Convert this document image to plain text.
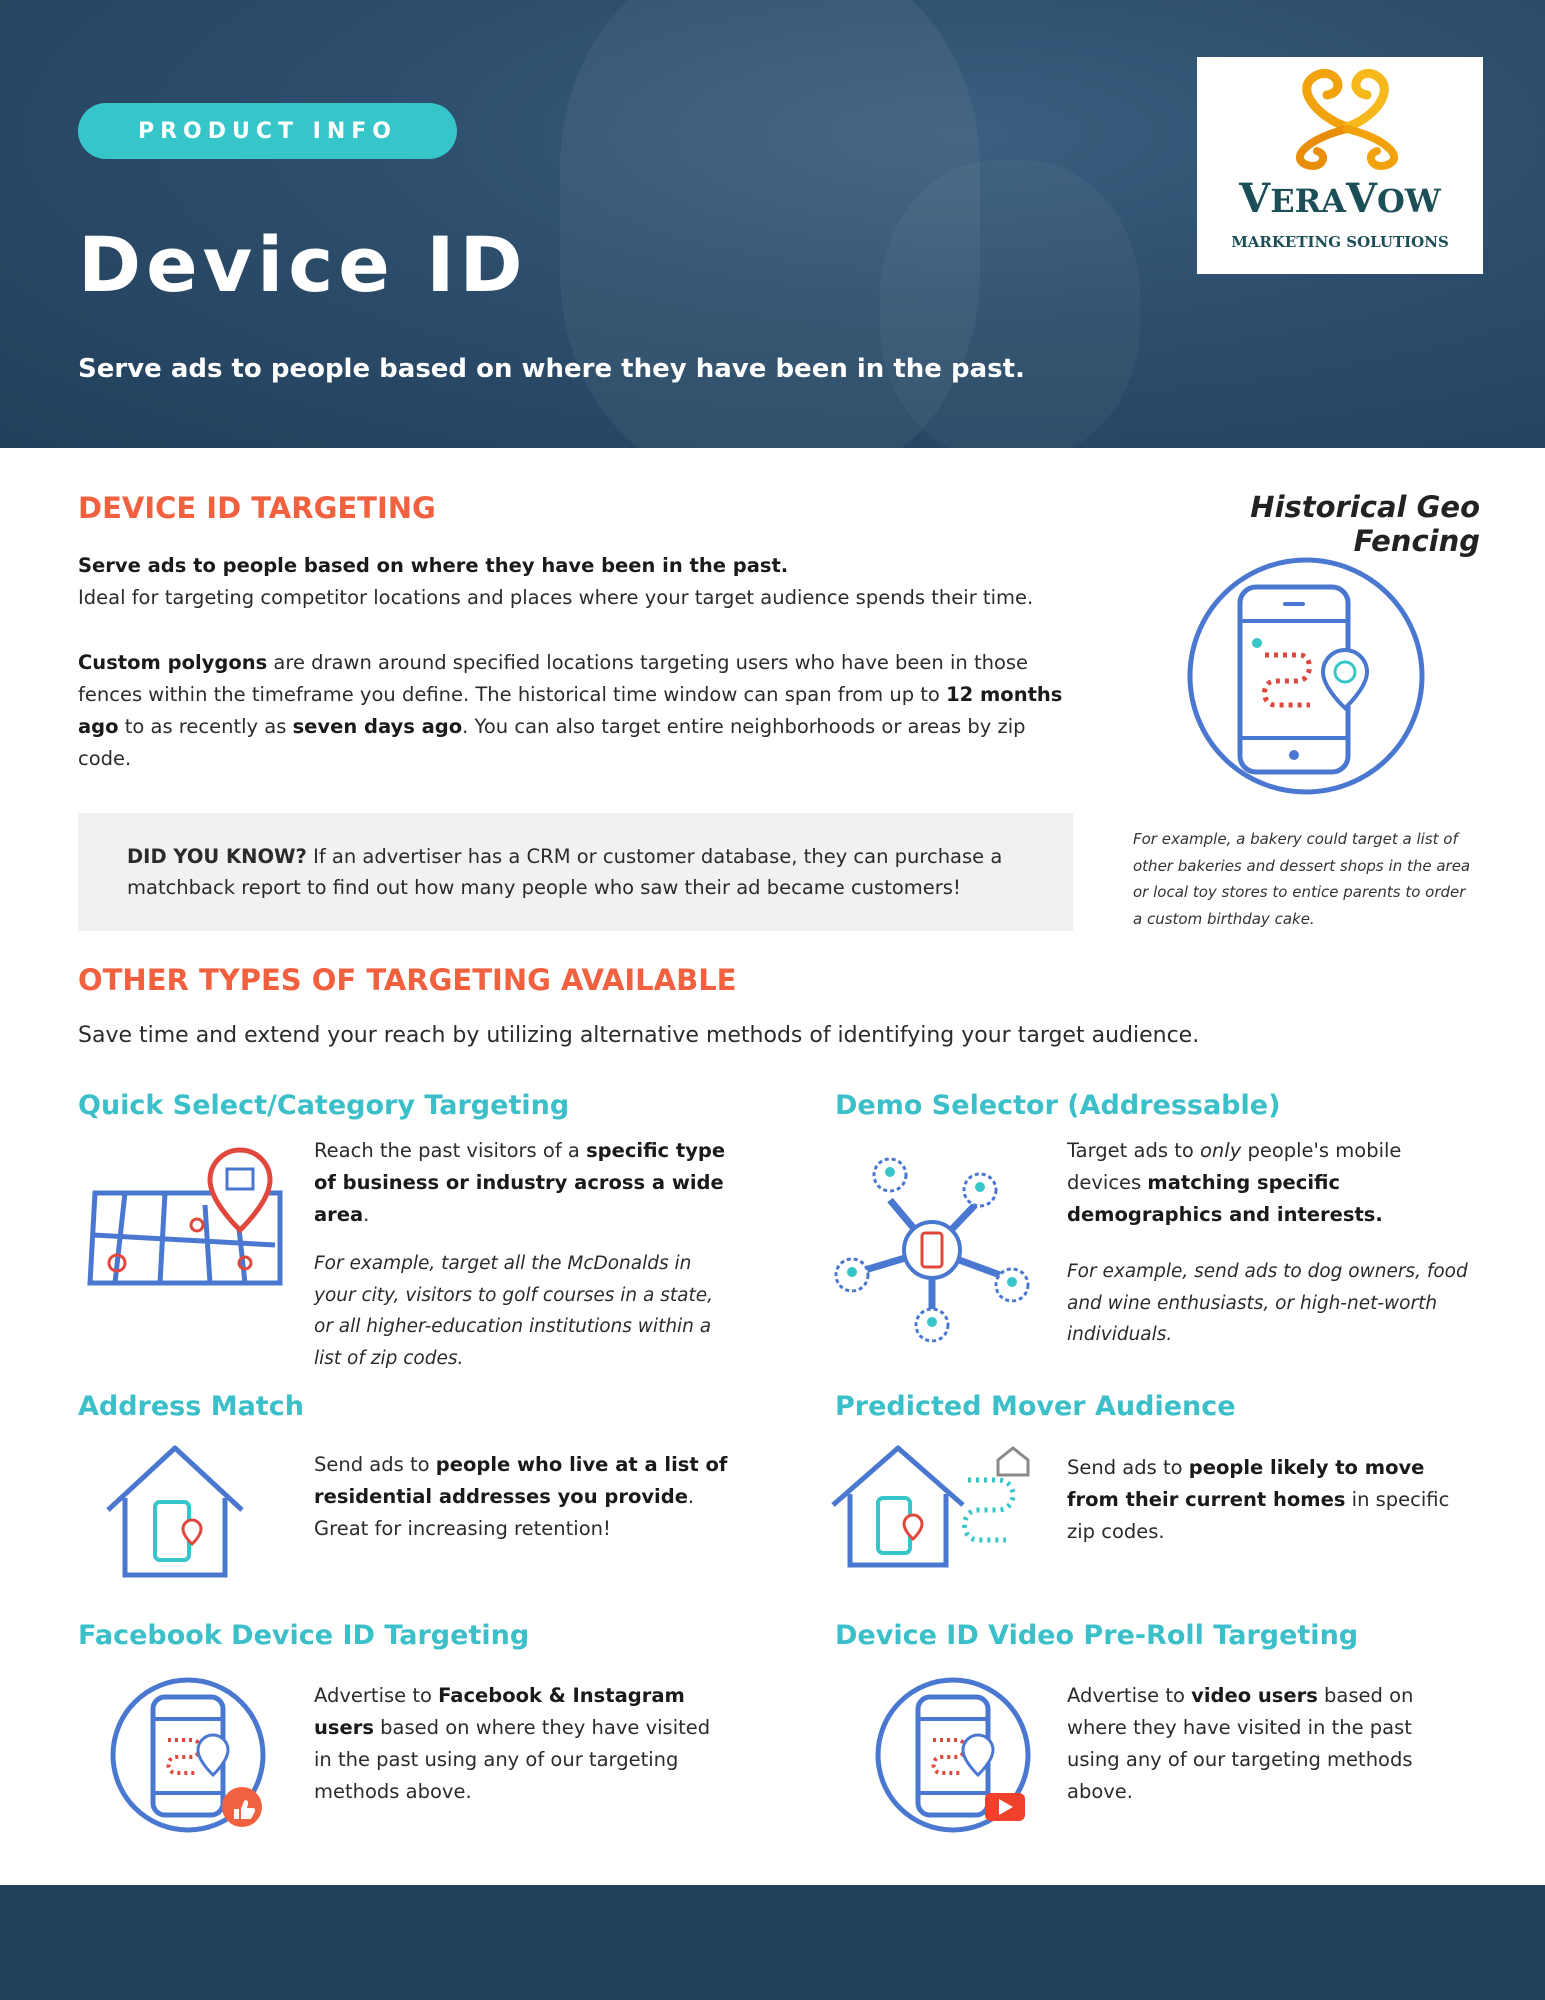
PRODUCT INFO
Device ID
Serve ads to people based on where they have been in the past.
VERAVOW
MARKETING SOLUTIONS
DEVICE ID TARGETING

Serve ads to people based on where they have been in the past.
Ideal for targeting competitor locations and places where your target audience spends their time.

Custom polygons are drawn around specified locations targeting users who have been in those fences within the timeframe you define. The historical time window can span from up to 12 months ago to as recently as seven days ago. You can also target entire neighborhoods or areas by zip code.

DID YOU KNOW? If an advertiser has a CRM or customer database, they can purchase a matchback report to find out how many people who saw their ad became customers!
Historical Geo Fencing
For example, a bakery could target a list of other bakeries and dessert shops in the area or local toy stores to entice parents to order a custom birthday cake.
OTHER TYPES OF TARGETING AVAILABLE
Save time and extend your reach by utilizing alternative methods of identifying your target audience.
Quick Select/Category Targeting
Reach the past visitors of a specific type of business or industry across a wide area.
For example, target all the McDonalds in your city, visitors to golf courses in a state, or all higher-education institutions within a list of zip codes.
Demo Selector (Addressable)
Target ads to only people's mobile devices matching specific demographics and interests.
For example, send ads to dog owners, food and wine enthusiasts, or high-net-worth individuals.
Address Match
Send ads to people who live at a list of residential addresses you provide. Great for increasing retention!
Predicted Mover Audience
Send ads to people likely to move from their current homes in specific zip codes.
Facebook Device ID Targeting
Advertise to Facebook & Instagram users based on where they have visited in the past using any of our targeting methods above.
Device ID Video Pre-Roll Targeting
Advertise to video users based on where they have visited in the past using any of our targeting methods above.
